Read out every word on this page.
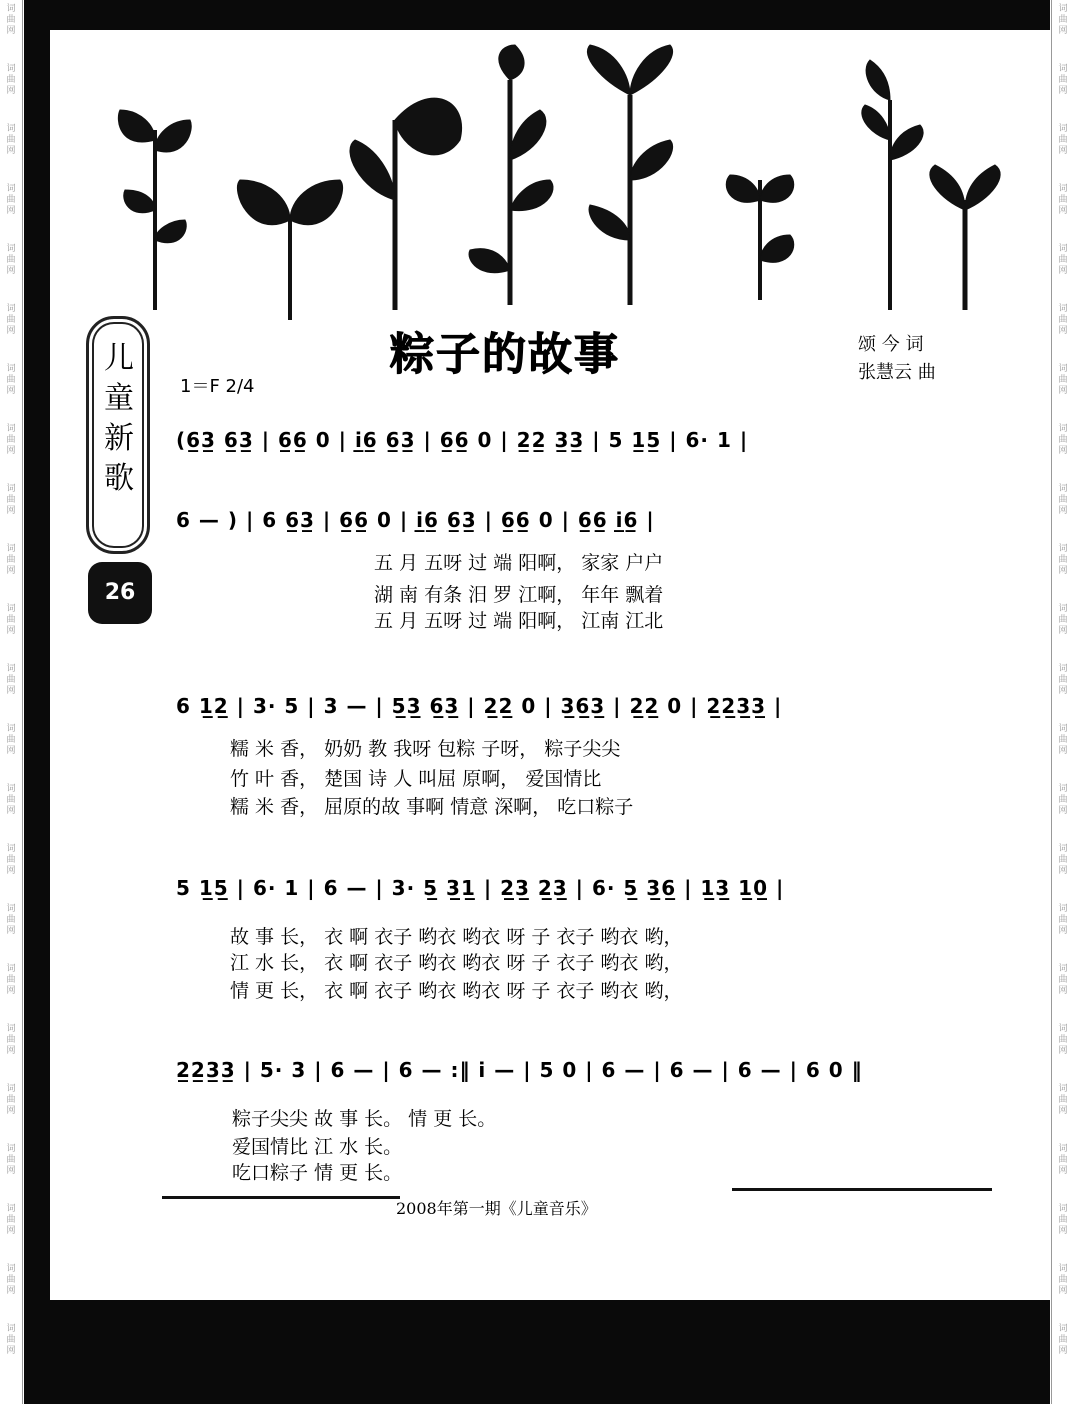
词
曲
网
词
曲
网
词
曲
网
词
曲
网
词
曲
网
词
曲
网
词
曲
网
词
曲
网
词
曲
网
词
曲
网
词
曲
网
词
曲
网
词
曲
网
词
曲
网
词
曲
网
词
曲
网
词
曲
网
词
曲
网
词
曲
网
词
曲
网
词
曲
网
词
曲
网
词
曲
网
词
曲
网
词
曲
网
词
曲
网
词
曲
网
词
曲
网
词
曲
网
词
曲
网
词
曲
网
词
曲
网
词
曲
网
词
曲
网
词
曲
网
词
曲
网
词
曲
网
词
曲
网
词
曲
网
词
曲
网
词
曲
网
词
曲
网
词
曲
网
词
曲
网
词
曲
网
词
曲
网
儿童新歌
26
粽子的故事	颂 今 词
张慧云 曲
1＝F 2/4
(6̲3̲ 6̲3̲ | 6̲6̲ 0 | i̲6̲ 6̲3̲ | 6̲6̲ 0 | 2̲2̲ 3̲3̲ | 5 1̲5̲ | 6· 1 |
6 — ) | 6 6̲3̲ | 6̲6̲ 0 | i̲6̲ 6̲3̲ | 6̲6̲ 0 | 6̲6̲ i̲6̲ |
五 月 五呀 过 端 阳啊， 家家 户户
湖 南 有条 汨 罗 江啊， 年年 飘着
五 月 五呀 过 端 阳啊， 江南 江北
6 1̲2̲ | 3· 5 | 3 — | 5̲3̲ 6̲3̲ | 2̲2̲ 0 | 3̲6̲3̲ | 2̲2̲ 0 | 2̲2̲3̲3̲ |
糯 米 香， 奶奶 教 我呀 包粽 子呀， 粽子尖尖
竹 叶 香， 楚国 诗 人 叫屈 原啊， 爱国情比
糯 米 香， 屈原的故 事啊 情意 深啊， 吃口粽子
5 1̲5̲ | 6· 1 | 6 — | 3· 5̲ 3̲1̲ | 2̲3̲ 2̲3̲ | 6· 5̲ 3̲6̲ | 1̲3̲ 1̲0̲ |
故 事 长， 衣 啊 衣子 哟衣 哟衣 呀 子 衣子 哟衣 哟，
江 水 长， 衣 啊 衣子 哟衣 哟衣 呀 子 衣子 哟衣 哟，
情 更 长， 衣 啊 衣子 哟衣 哟衣 呀 子 衣子 哟衣 哟，
2̲2̲3̲3̲ | 5· 3 | 6 — | 6 — :‖ i — | 5 0 | 6 — | 6 — | 6 — | 6 0 ‖
粽子尖尖 故 事 长。 情 更 长。
爱国情比 江 水 长。
吃口粽子 情 更 长。
2008年第一期《儿童音乐》
